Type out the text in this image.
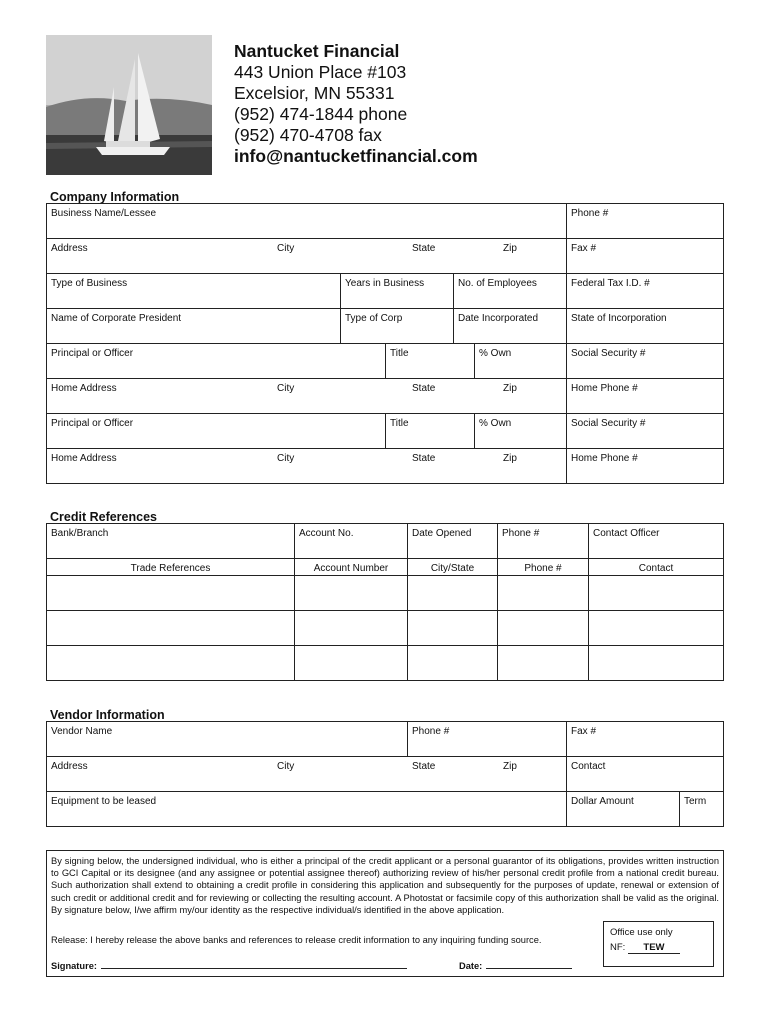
Nantucket Financial
443 Union Place #103
Excelsior, MN 55331
(952) 474-1844 phone
(952) 470-4708 fax
info@nantucketfinancial.com
Company Information
Business Name/Lessee	Phone #
Address	City	State	Zip	Fax #
Type of Business	Years in Business	No. of Employees	Federal Tax I.D. #
Name of Corporate President	Type of Corp	Date Incorporated	State of Incorporation
Principal or Officer	Title	% Own	Social Security #
Home Address	City	State	Zip	Home Phone #
Principal or Officer	Title	% Own	Social Security #
Home Address	City	State	Zip	Home Phone #
Credit References
Bank/Branch	Account No.	Date Opened	Phone #	Contact Officer
Trade References	Account Number	City/State	Phone #	Contact
Vendor Information
Vendor Name	Phone #	Fax #
Address	City	State	Zip	Contact
Equipment to be leased	Dollar Amount	Term
By signing below, the undersigned individual, who is either a principal of the credit applicant or a personal guarantor of its obligations, provides written instruction to GCI Capital or its designee (and any assignee or potential assignee thereof) authorizing review of his/her personal credit profile from a national credit bureau. Such authorization shall extend to obtaining a credit profile in considering this application and subsequently for the purposes of update, renewal or extension of such credit or additional credit and for reviewing or collecting the resulting account. A Photostat or facsimile copy of this authorization shall be valid as the original. By signature below, I/we affirm my/our identity as the respective individual/s identified in the above application.
Release: I hereby release the above banks and references to release credit information to any inquiring funding source.
Signature:	Date:
Office use only
NF: TEW
